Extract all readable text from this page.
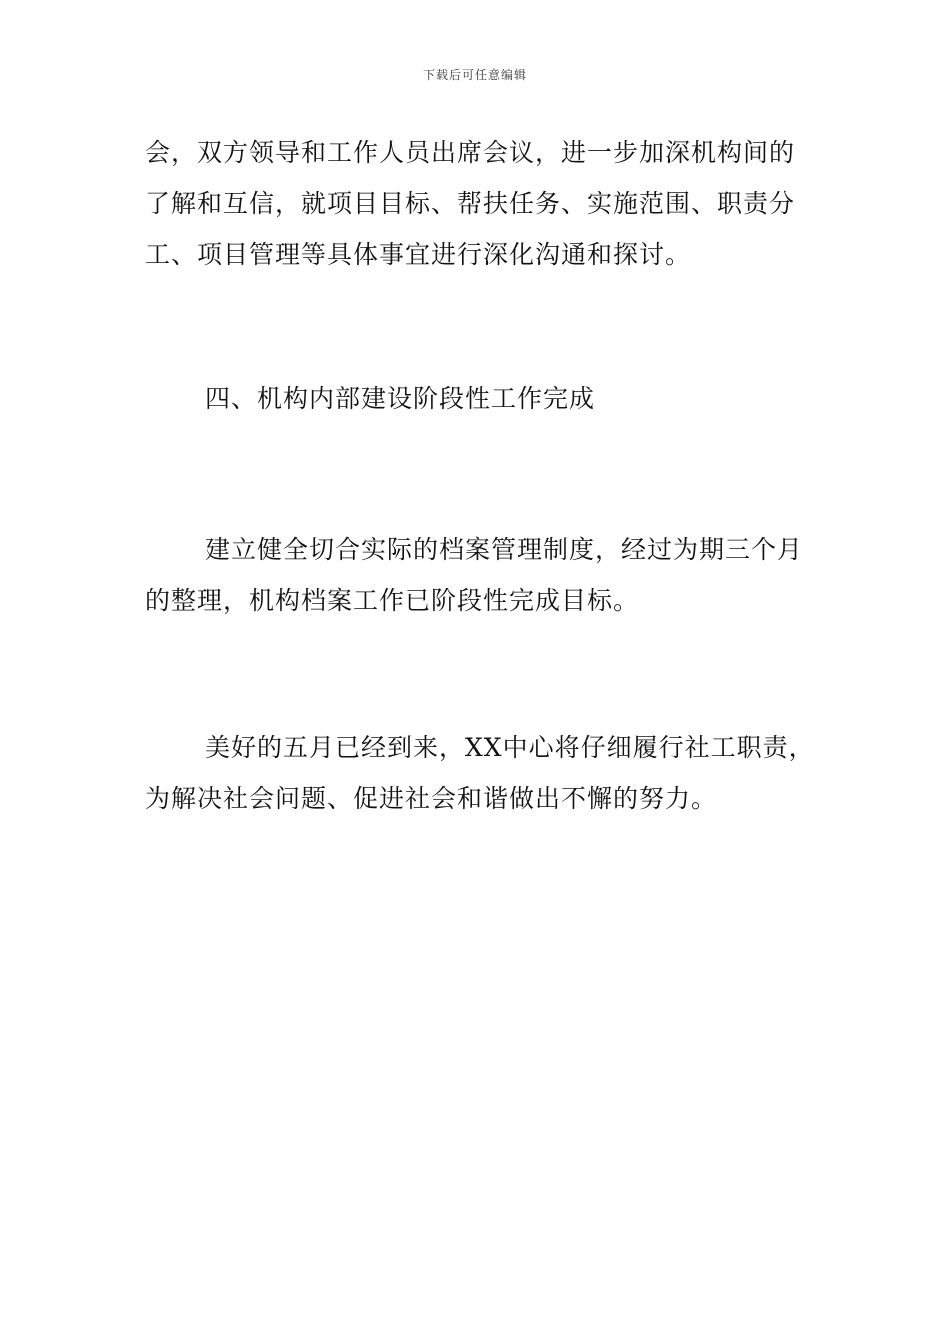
下载后可任意编辑
会，双方领导和工作人员出席会议，进一步加深机构间的
了解和互信，就项目目标、帮扶任务、实施范围、职责分
工、项目管理等具体事宜进行深化沟通和探讨。
四、机构内部建设阶段性工作完成
建立健全切合实际的档案管理制度，经过为期三个月
的整理，机构档案工作已阶段性完成目标。
美好的五月已经到来，XX中心将仔细履行社工职责，
为解决社会问题、促进社会和谐做出不懈的努力。
